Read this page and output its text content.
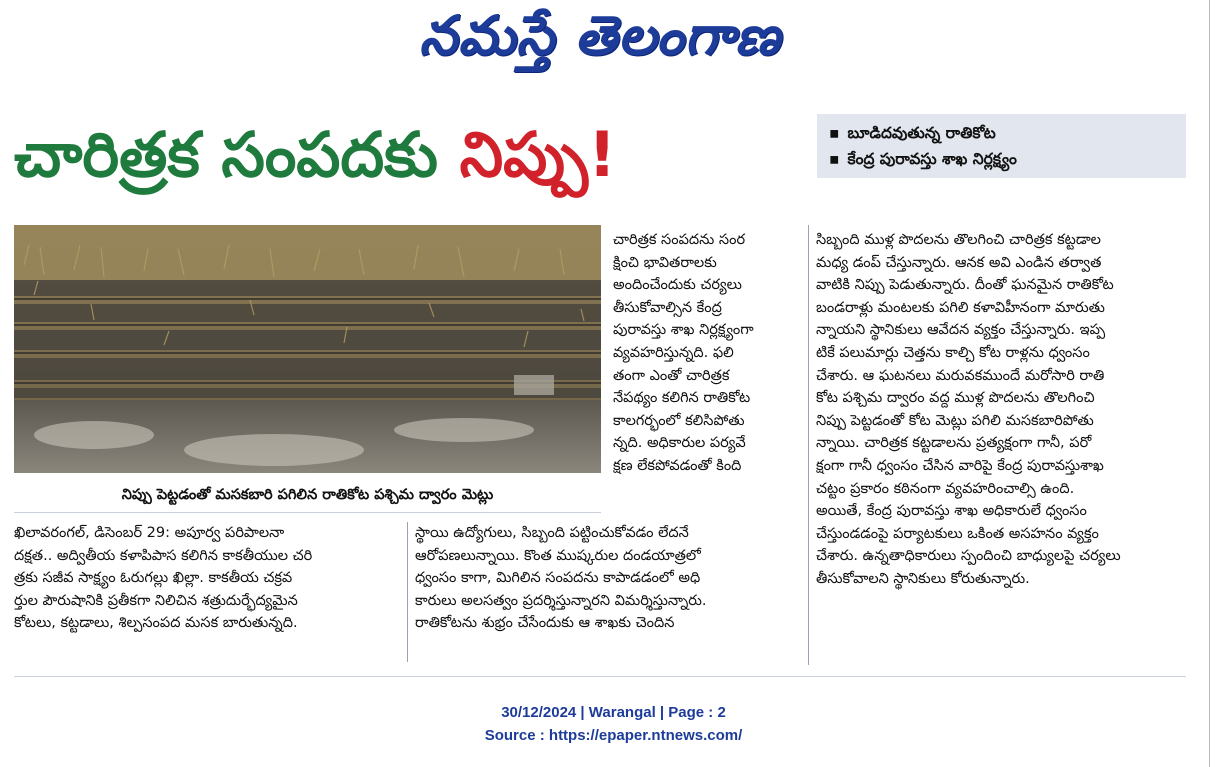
నమస్తే తెలంగాణ
చారిత్రక సంపదకు నిప్పు!	▪ బూడిదవుతున్న రాతికోట
▪ కేంద్ర పురావస్తు శాఖ నిర్లక్ష్యం
నిప్పు పెట్టడంతో మసకబారి పగిలిన రాతికోట పశ్చిమ ద్వారం మెట్లు
చారిత్రక సంపదను సంర
క్షించి భావితరాలకు
అందించేందుకు చర్యలు
తీసుకోవాల్సిన కేంద్ర
పురావస్తు శాఖ నిర్లక్ష్యంగా
వ్యవహరిస్తున్నది. ఫలి
తంగా ఎంతో చారిత్రక
నేపథ్యం కలిగిన రాతికోట
కాలగర్భంలో కలిసిపోతు
న్నది. అధికారుల పర్యవే
క్షణ లేకపోవడంతో కింది
ఖిలావరంగల్, డిసెంబర్ 29: అపూర్వ పరిపాలనా
దక్షత.. అద్వితీయ కళాపిపాస కలిగిన కాకతీయుల చరి
త్రకు సజీవ సాక్ష్యం ఓరుగల్లు ఖిల్లా. కాకతీయ చక్రవ
ర్తుల పౌరుషానికి ప్రతీకగా నిలిచిన శత్రుదుర్భేద్యమైన
కోటలు, కట్టడాలు, శిల్పసంపద మసక బారుతున్నది.
స్థాయి ఉద్యోగులు, సిబ్బంది పట్టించుకోవడం లేదనే
ఆరోపణలున్నాయి. కొంత ముష్కరుల దండయాత్రలో
ధ్వంసం కాగా, మిగిలిన సంపదను కాపాడడంలో అధి
కారులు అలసత్వం ప్రదర్శిస్తున్నారని విమర్శిస్తున్నారు.
రాతికోటను శుభ్రం చేసేందుకు ఆ శాఖకు చెందిన
సిబ్బంది ముళ్ల పొదలను తొలగించి చారిత్రక కట్టడాల
మధ్య డంప్ చేస్తున్నారు. ఆనక అవి ఎండిన తర్వాత
వాటికి నిప్పు పెడుతున్నారు. దీంతో ఘనమైన రాతికోట
బండరాళ్లు మంటలకు పగిలి కళావిహీనంగా మారుతు
న్నాయని స్థానికులు ఆవేదన వ్యక్తం చేస్తున్నారు. ఇప్ప
టికే పలుమార్లు చెత్తను కాల్చి కోట రాళ్లను ధ్వంసం
చేశారు. ఆ ఘటనలు మరువకముందే మరోసారి రాతి
కోట పశ్చిమ ద్వారం వద్ద ముళ్ల పొదలను తొలగించి
నిప్పు పెట్టడంతో కోట మెట్లు పగిలి మసకబారిపోతు
న్నాయి. చారిత్రక కట్టడాలను ప్రత్యక్షంగా గానీ, పరో
క్షంగా గానీ ధ్వంసం చేసిన వారిపై కేంద్ర పురావస్తుశాఖ
చట్టం ప్రకారం కఠినంగా వ్యవహరించాల్సి ఉంది.
అయితే, కేంద్ర పురావస్తు శాఖ అధికారులే ధ్వంసం
చేస్తుండడంపై పర్యాటకులు ఒకింత అసహనం వ్యక్తం
చేశారు. ఉన్నతాధికారులు స్పందించి బాధ్యులపై చర్యలు
తీసుకోవాలని స్థానికులు కోరుతున్నారు.
30/12/2024 | Warangal | Page : 2
Source : https://epaper.ntnews.com/
